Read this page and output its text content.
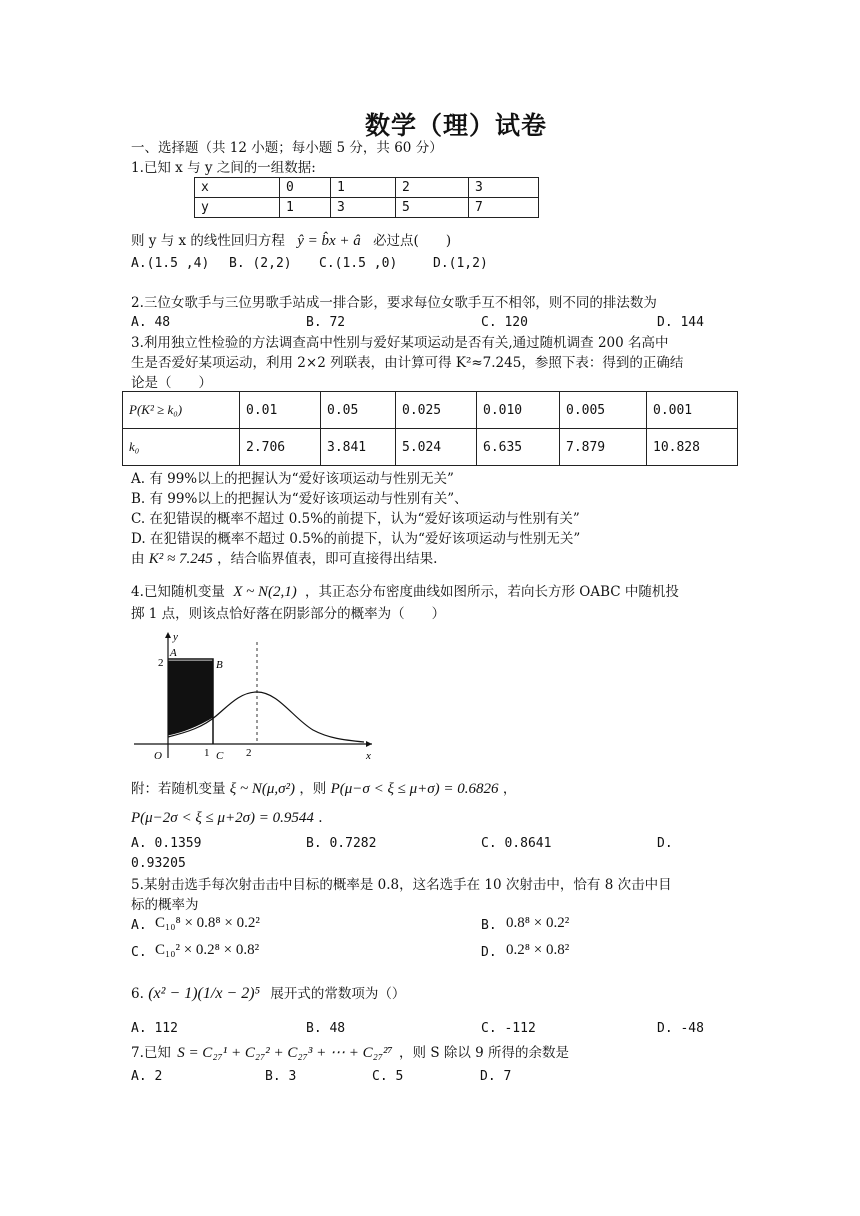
数学（理）试卷
一、选择题（共 12 小题；每小题 5 分，共 60 分）
1.已知 x 与 y 之间的一组数据:
x	0	1	2	3
y	1	3	5	7
则 y 与 x 的线性回归方程 ŷ = b̂x + â 必过点(　　)
A.(1.5 ,4) B. (2,2) C.(1.5 ,0)	D.(1,2)
2.三位女歌手与三位男歌手站成一排合影，要求每位女歌手互不相邻，则不同的排法数为
A. 48	B. 72	C. 120	D. 144
3.利用独立性检验的方法调查高中性别与爱好某项运动是否有关,通过随机调查 200 名高中
生是否爱好某项运动，利用 2×2 列联表，由计算可得 K²≈7.245，参照下表：得到的正确结
论是（　　）
P(K² ≥ k₀)	0.01	0.05	0.025	0.010	0.005	0.001
k₀	2.706	3.841	5.024	6.635	7.879	10.828
A. 有 99%以上的把握认为“爱好该项运动与性别无关”
B. 有 99%以上的把握认为“爱好该项运动与性别有关”、
C. 在犯错误的概率不超过 0.5%的前提下，认为“爱好该项运动与性别有关”
D. 在犯错误的概率不超过 0.5%的前提下，认为“爱好该项运动与性别无关”
由 K² ≈ 7.245 ，结合临界值表，即可直接得出结果.
4.已知随机变量 X ~ N(2,1) ，其正态分布密度曲线如图所示，若向长方形 OABC 中随机投
掷 1 点，则该点恰好落在阴影部分的概率为（　　）
y
A
B
2
O	1 C 2	x
附：若随机变量 ξ ~ N(μ,σ²) ，则 P(μ−σ < ξ ≤ μ+σ) = 0.6826 ，
P(μ−2σ < ξ ≤ μ+2σ) = 0.9544 .
A. 0.1359	B. 0.7282	C. 0.8641	D.
0.93205
5.某射击选手每次射击击中目标的概率是 0.8，这名选手在 10 次射击中，恰有 8 次击中目
标的概率为
A. C₁₀⁸ × 0.8⁸ × 0.2²	B. 0.8⁸ × 0.2²
C. C₁₀² × 0.2⁸ × 0.8²	D. 0.2⁸ × 0.8²
6. (x² − 1)(1/x − 2)⁵ 展开式的常数项为（）
A. 112	B. 48	C. -112	D. -48
7.已知 S = C₂₇¹ + C₂₇² + C₂₇³ + ⋯ + C₂₇²⁷ ，则 S 除以 9 所得的余数是
A. 2	B. 3	C. 5	D. 7
